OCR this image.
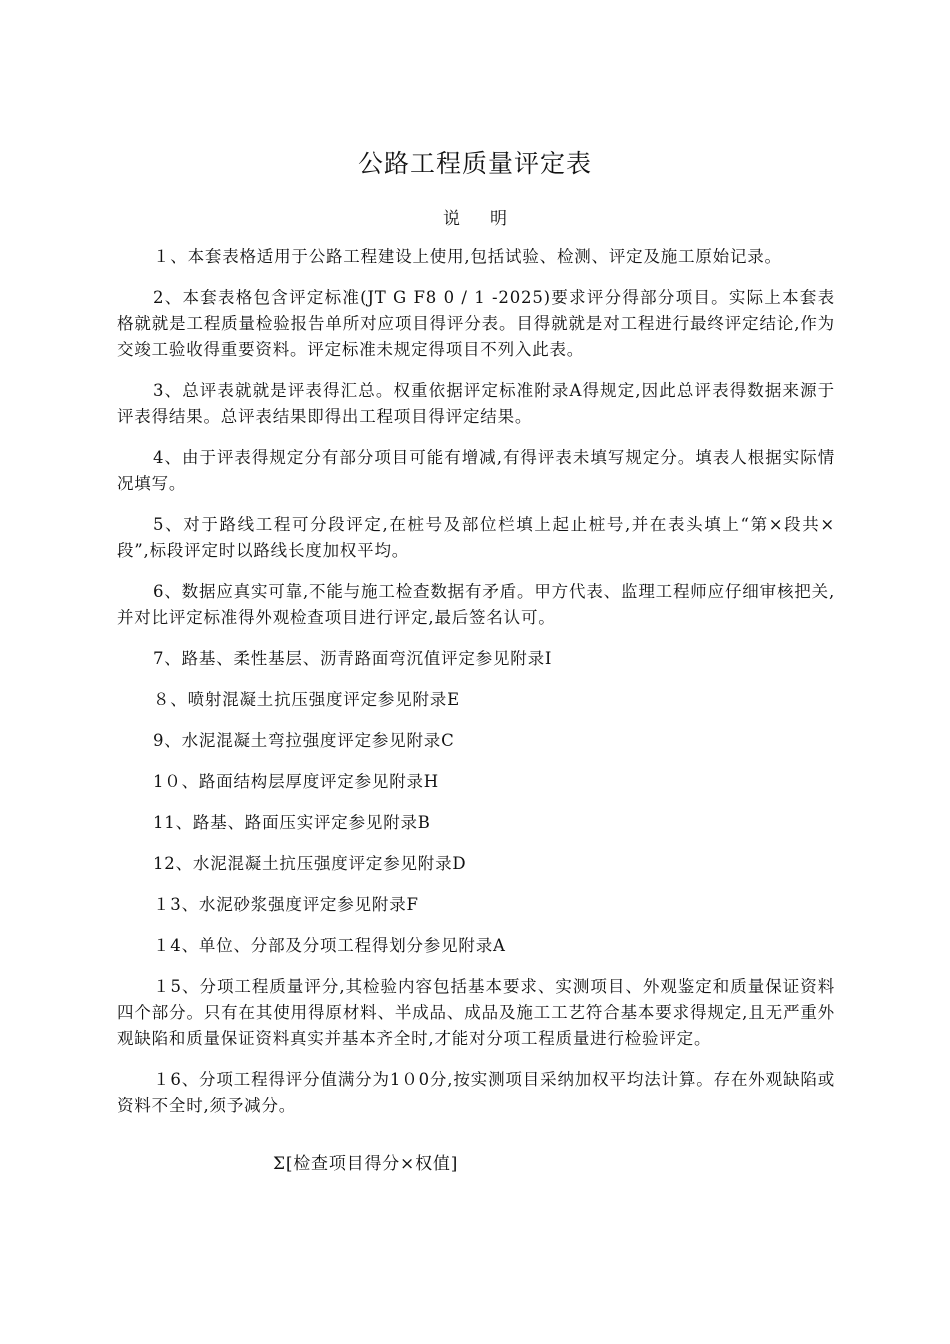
公路工程质量评定表
说明

１、本套表格适用于公路工程建设上使用,包括试验、检测、评定及施工原始记录。

2、本套表格包含评定标准(JT G F8 0 / 1 -2025)要求评分得部分项目。实际上本套表格就就是工程质量检验报告单所对应项目得评分表。目得就就是对工程进行最终评定结论,作为交竣工验收得重要资料。评定标准未规定得项目不列入此表。

3、总评表就就是评表得汇总。权重依据评定标准附录A得规定,因此总评表得数据来源于评表得结果。总评表结果即得出工程项目得评定结果。

4、由于评表得规定分有部分项目可能有增减,有得评表未填写规定分。填表人根据实际情况填写。

5、对于路线工程可分段评定,在桩号及部位栏填上起止桩号,并在表头填上“第×段共×段”,标段评定时以路线长度加权平均。

6、数据应真实可靠,不能与施工检查数据有矛盾。甲方代表、监理工程师应仔细审核把关,并对比评定标准得外观检查项目进行评定,最后签名认可。

7、路基、柔性基层、沥青路面弯沉值评定参见附录I

８、喷射混凝土抗压强度评定参见附录E

9、水泥混凝土弯拉强度评定参见附录C

1０、路面结构层厚度评定参见附录H

11、路基、路面压实评定参见附录B

12、水泥混凝土抗压强度评定参见附录D

１3、水泥砂浆强度评定参见附录F

１4、单位、分部及分项工程得划分参见附录A

１5、分项工程质量评分,其检验内容包括基本要求、实测项目、外观鉴定和质量保证资料四个部分。只有在其使用得原材料、半成品、成品及施工工艺符合基本要求得规定,且无严重外观缺陷和质量保证资料真实并基本齐全时,才能对分项工程质量进行检验评定。

１6、分项工程得评分值满分为1０0分,按实测项目采纳加权平均法计算。存在外观缺陷或资料不全时,须予减分。

Σ[检查项目得分×权值]
